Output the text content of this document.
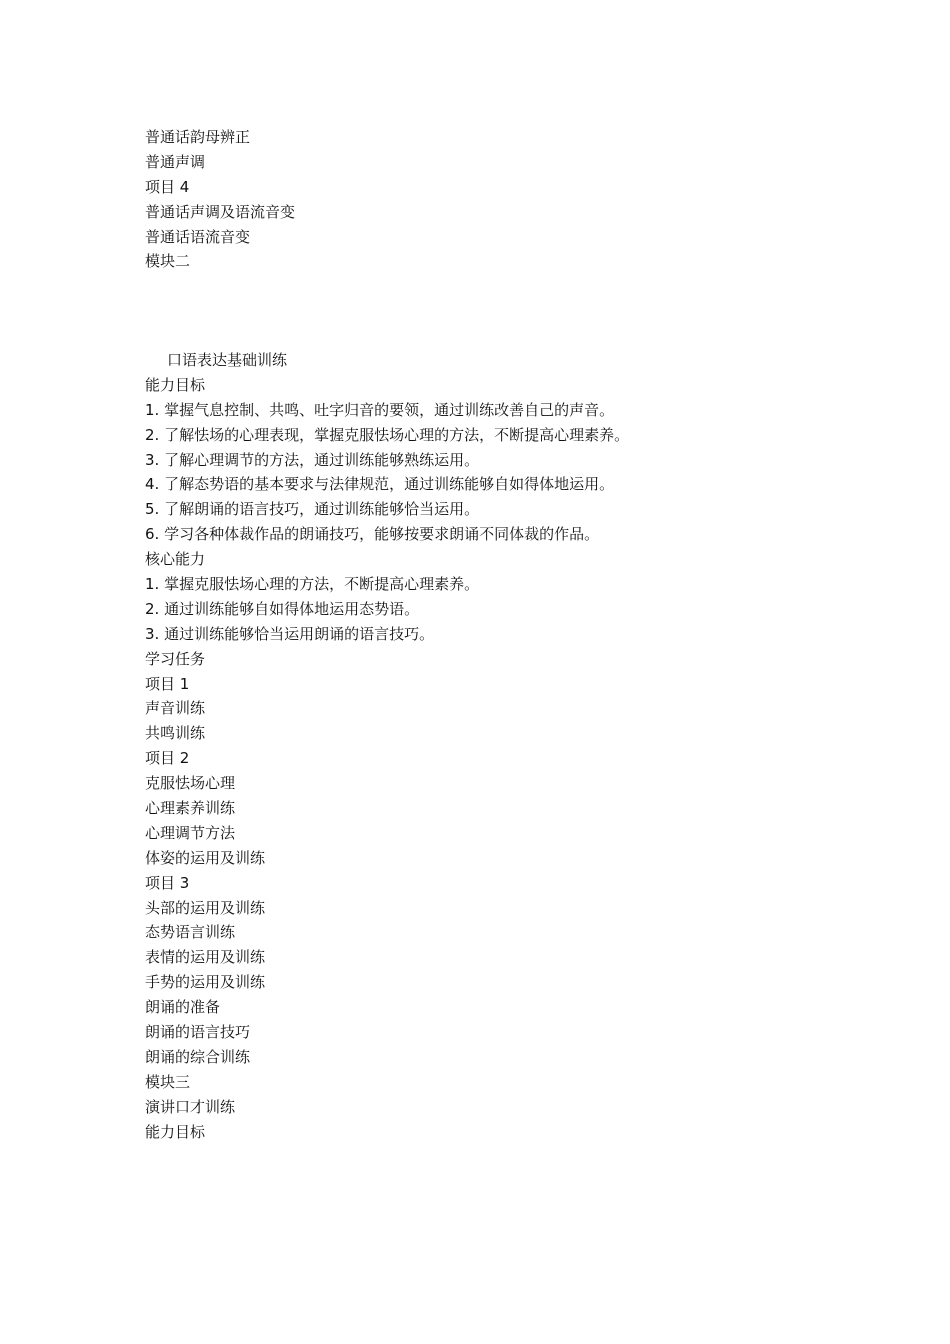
普通话韵母辨正
普通声调
项目 4
普通话声调及语流音变
普通话语流音变
模块二
口语表达基础训练
能力目标
1. 掌握气息控制、共鸣、吐字归音的要领，通过训练改善自己的声音。
2. 了解怯场的心理表现，掌握克服怯场心理的方法，不断提高心理素养。
3. 了解心理调节的方法，通过训练能够熟练运用。
4. 了解态势语的基本要求与法律规范，通过训练能够自如得体地运用。
5. 了解朗诵的语言技巧，通过训练能够恰当运用。
6. 学习各种体裁作品的朗诵技巧，能够按要求朗诵不同体裁的作品。
核心能力
1. 掌握克服怯场心理的方法，不断提高心理素养。
2. 通过训练能够自如得体地运用态势语。
3. 通过训练能够恰当运用朗诵的语言技巧。
学习任务
项目 1
声音训练
共鸣训练
项目 2
克服怯场心理
心理素养训练
心理调节方法
体姿的运用及训练
项目 3
头部的运用及训练
态势语言训练
表情的运用及训练
手势的运用及训练
朗诵的准备
朗诵的语言技巧
朗诵的综合训练
模块三
演讲口才训练
能力目标
